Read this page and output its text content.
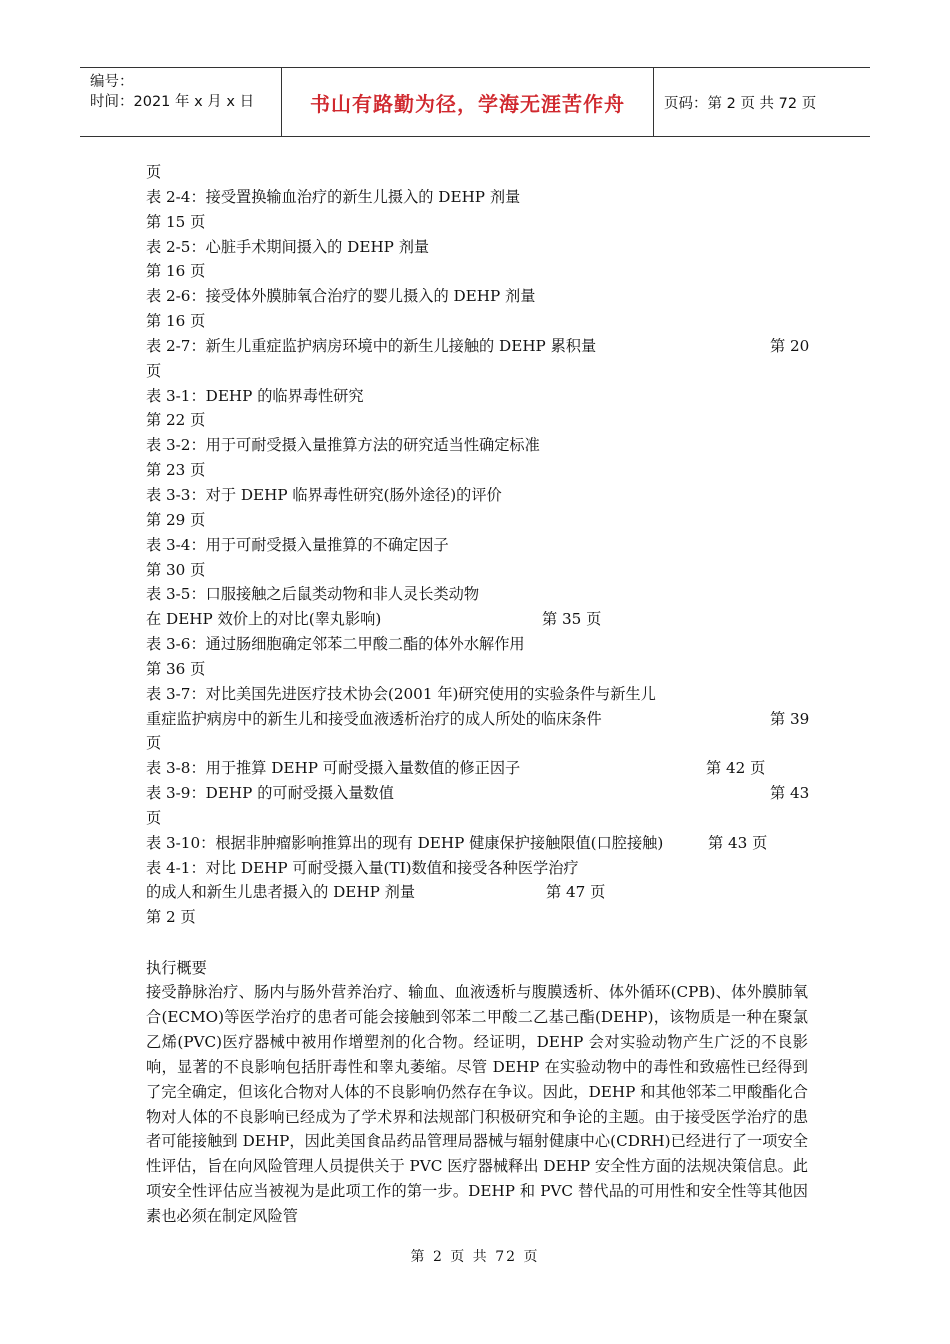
编号：
时间：2021 年 x 月 x 日	书山有路勤为径，学海无涯苦作舟	页码：第 2 页 共 72 页
页
表 2-4：接受置换输血治疗的新生儿摄入的 DEHP 剂量
第 15 页
表 2-5：心脏手术期间摄入的 DEHP 剂量
第 16 页
表 2-6：接受体外膜肺氧合治疗的婴儿摄入的 DEHP 剂量
第 16 页
表 2-7：新生儿重症监护病房环境中的新生儿接触的 DEHP 累积量	第 20
页
表 3-1：DEHP 的临界毒性研究
第 22 页
表 3-2：用于可耐受摄入量推算方法的研究适当性确定标准
第 23 页
表 3-3：对于 DEHP 临界毒性研究(肠外途径)的评价
第 29 页
表 3-4：用于可耐受摄入量推算的不确定因子
第 30 页
表 3-5：口服接触之后鼠类动物和非人灵长类动物
在 DEHP 效价上的对比(睾丸影响)	第 35 页
表 3-6：通过肠细胞确定邻苯二甲酸二酯的体外水解作用
第 36 页
表 3-7：对比美国先进医疗技术协会(2001 年)研究使用的实验条件与新生儿
重症监护病房中的新生儿和接受血液透析治疗的成人所处的临床条件	第 39
页
表 3-8：用于推算 DEHP 可耐受摄入量数值的修正因子	第 42 页
表 3-9：DEHP 的可耐受摄入量数值	第 43
页
表 3-10：根据非肿瘤影响推算出的现有 DEHP 健康保护接触限值(口腔接触)	第 43 页
表 4-1：对比 DEHP 可耐受摄入量(TI)数值和接受各种医学治疗
的成人和新生儿患者摄入的 DEHP 剂量	第 47 页
第 2 页
执行概要
接受静脉治疗、肠内与肠外营养治疗、输血、血液透析与腹膜透析、体外循环(CPB)、体外膜肺氧合(ECMO)等医学治疗的患者可能会接触到邻苯二甲酸二乙基己酯(DEHP)，该物质是一种在聚氯乙烯(PVC)医疗器械中被用作增塑剂的化合物。经证明，DEHP 会对实验动物产生广泛的不良影响，显著的不良影响包括肝毒性和睾丸萎缩。尽管 DEHP 在实验动物中的毒性和致癌性已经得到了完全确定，但该化合物对人体的不良影响仍然存在争议。因此，DEHP 和其他邻苯二甲酸酯化合物对人体的不良影响已经成为了学术界和法规部门积极研究和争论的主题。由于接受医学治疗的患者可能接触到 DEHP，因此美国食品药品管理局器械与辐射健康中心(CDRH)已经进行了一项安全性评估，旨在向风险管理人员提供关于 PVC 医疗器械释出 DEHP 安全性方面的法规决策信息。此项安全性评估应当被视为是此项工作的第一步。DEHP 和 PVC 替代品的可用性和安全性等其他因素也必须在制定风险管
第 2 页 共 72 页
